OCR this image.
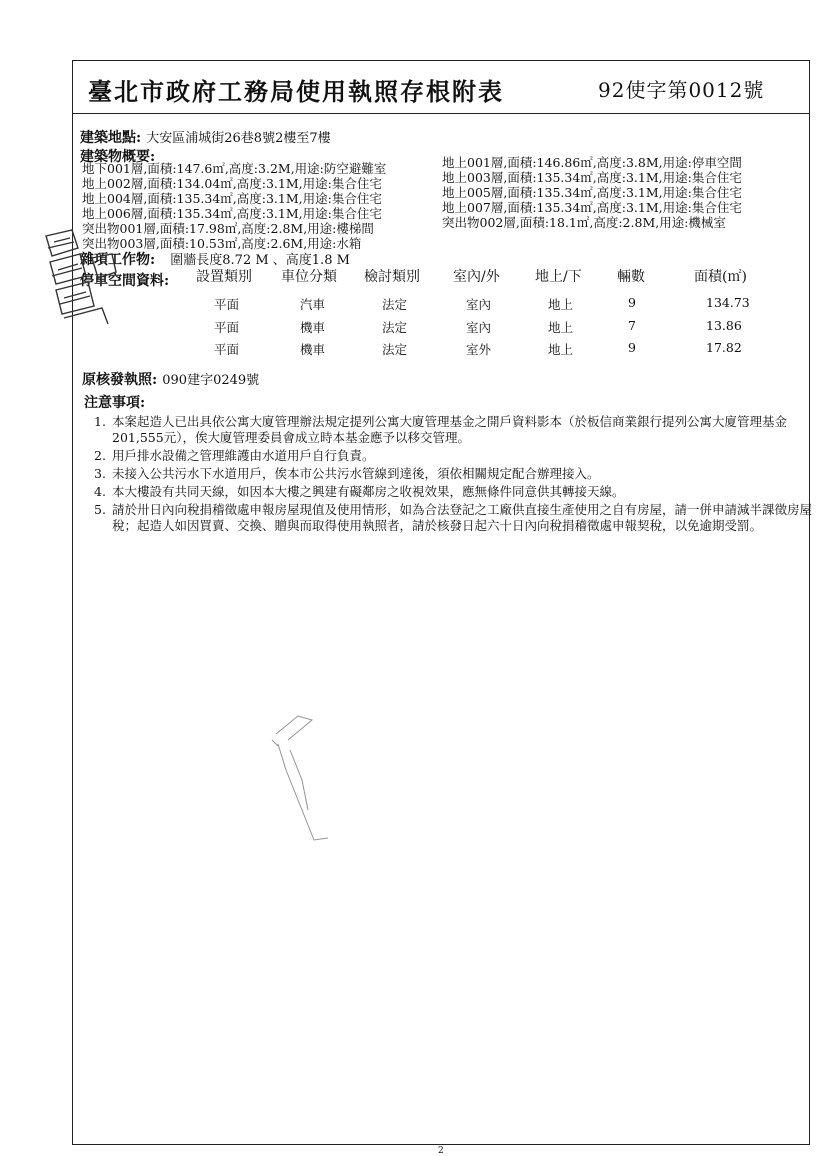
臺北市政府工務局使用執照存根附表	92使字第0012號
建築地點: 大安區浦城街26巷8號2樓至7樓
建築物概要:
地下001層,面積:147.6㎡,高度:3.2M,用途:防空避難室
地上002層,面積:134.04㎡,高度:3.1M,用途:集合住宅
地上004層,面積:135.34㎡,高度:3.1M,用途:集合住宅
地上006層,面積:135.34㎡,高度:3.1M,用途:集合住宅
突出物001層,面積:17.98㎡,高度:2.8M,用途:樓梯間
突出物003層,面積:10.53㎡,高度:2.6M,用途:水箱
地上001層,面積:146.86㎡,高度:3.8M,用途:停車空間
地上003層,面積:135.34㎡,高度:3.1M,用途:集合住宅
地上005層,面積:135.34㎡,高度:3.1M,用途:集合住宅
地上007層,面積:135.34㎡,高度:3.1M,用途:集合住宅
突出物002層,面積:18.1㎡,高度:2.8M,用途:機械室
雜項工作物: 圍牆長度8.72 M 、高度1.8 M
停車空間資料: 設置類別 車位分類 檢討類別 室內/外	地上/下	輛數	面積(㎡)
平面	汽車	法定	室內	地上	9	134.73
平面	機車	法定	室內	地上	7	13.86
平面	機車	法定	室外	地上	9	17.82
原核發執照: 090建字0249號
注意事項:
1. 本案起造人已出具依公寓大廈管理辦法規定提列公寓大廈管理基金之開戶資料影本（於板信商業銀行提列公寓大廈管理基金201,555元），俟大廈管理委員會成立時本基金應予以移交管理。
2. 用戶排水設備之管理維護由水道用戶自行負責。
3. 未接入公共污水下水道用戶，俟本市公共污水管線到達後，須依相關規定配合辦理接入。
4. 本大樓設有共同天線，如因本大樓之興建有礙鄰房之收視效果，應無條件同意供其轉接天線。
5. 請於卅日內向稅捐稽徵處申報房屋現值及使用情形，如為合法登記之工廠供直接生產使用之自有房屋，請一併申請減半課徵房屋稅；起造人如因買賣、交換、贈與而取得使用執照者，請於核發日起六十日內向稅捐稽徵處申報契稅，以免逾期受罰。
2
